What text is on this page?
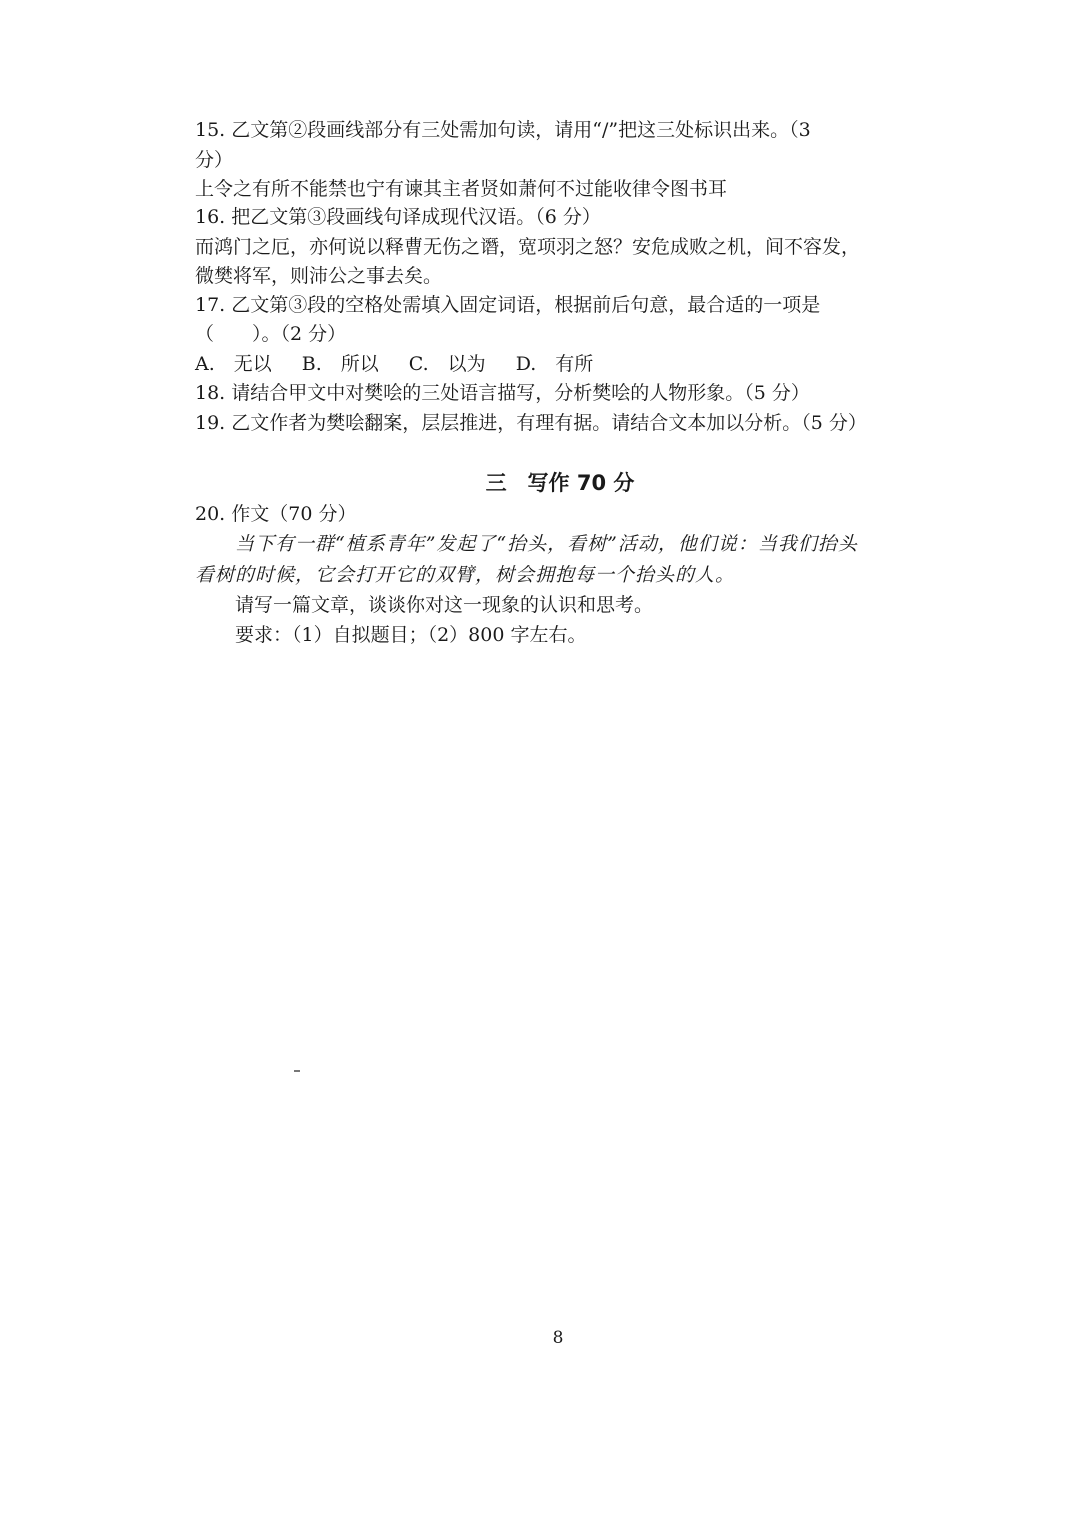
15. 乙文第②段画线部分有三处需加句读，请用“/”把这三处标识出来。（3
分）
上令之有所不能禁也宁有谏其主者贤如萧何不过能收律令图书耳
16. 把乙文第③段画线句译成现代汉语。（6 分）
而鸿门之厄，亦何说以释曹无伤之谮，宽项羽之怒？安危成败之机，间不容发，
微樊将军，则沛公之事去矣。
17. 乙文第③段的空格处需填入固定词语，根据前后句意，最合适的一项是
（　　）。（2 分）
A.　无以 B.　所以 C.　以为 D.　有所
18. 请结合甲文中对樊哙的三处语言描写，分析樊哙的人物形象。（5 分）
19. 乙文作者为樊哙翻案，层层推进，有理有据。请结合文本加以分析。（5 分）
三　写作 70 分
20. 作文（70 分）
当下有一群“植系青年”发起了“抬头，看树”活动，他们说：当我们抬头
看树的时候，它会打开它的双臂，树会拥抱每一个抬头的人。
请写一篇文章，谈谈你对这一现象的认识和思考。
要求：（1）自拟题目；（2）800 字左右。
8
